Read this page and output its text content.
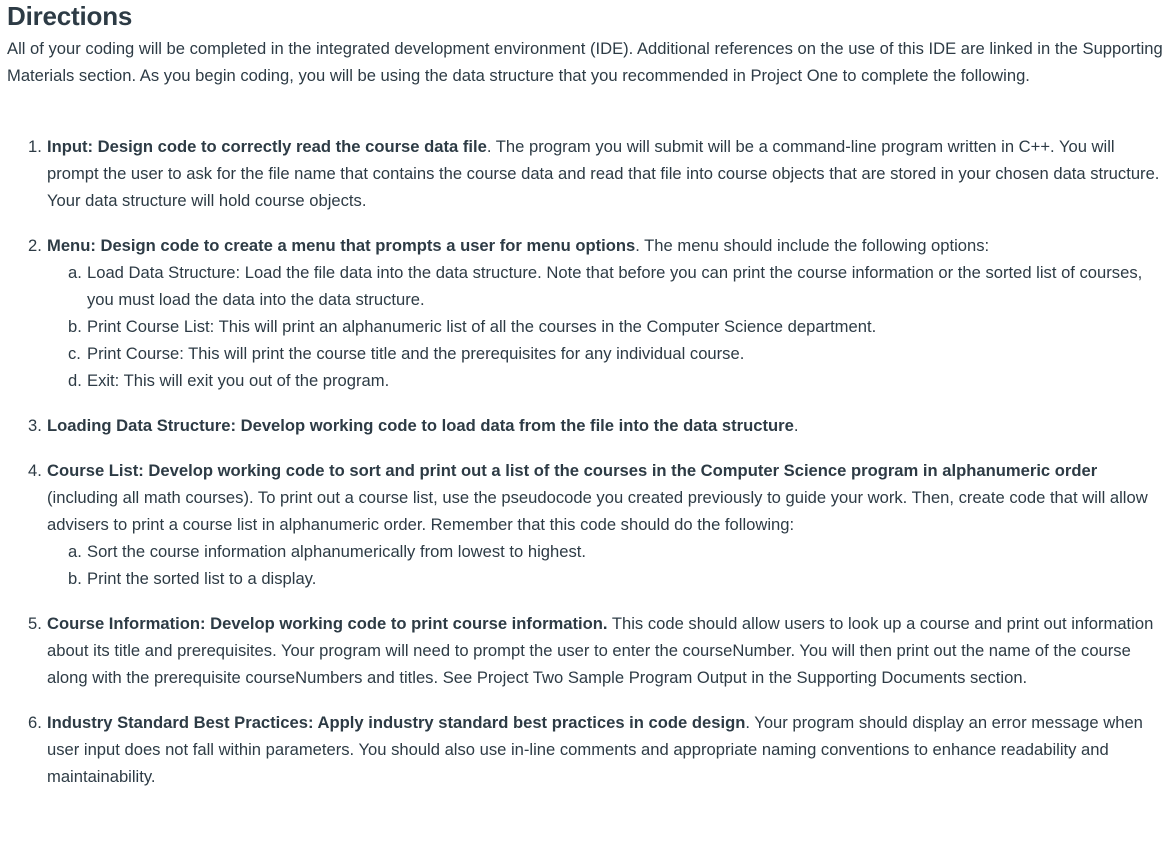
Directions

All of your coding will be completed in the integrated development environment (IDE). Additional references on the use of this IDE are linked in the Supporting Materials section. As you begin coding, you will be using the data structure that you recommended in Project One to complete the following.

1. Input: Design code to correctly read the course data file. The program you will submit will be a command-line program written in C++. You will prompt the user to ask for the file name that contains the course data and read that file into course objects that are stored in your chosen data structure. Your data structure will hold course objects.
2. Menu: Design code to create a menu that prompts a user for menu options. The menu should include the following options:
a. Load Data Structure: Load the file data into the data structure. Note that before you can print the course information or the sorted list of courses, you must load the data into the data structure.
b. Print Course List: This will print an alphanumeric list of all the courses in the Computer Science department.
c. Print Course: This will print the course title and the prerequisites for any individual course.
d. Exit: This will exit you out of the program.
3. Loading Data Structure: Develop working code to load data from the file into the data structure.
4. Course List: Develop working code to sort and print out a list of the courses in the Computer Science program in alphanumeric order (including all math courses). To print out a course list, use the pseudocode you created previously to guide your work. Then, create code that will allow advisers to print a course list in alphanumeric order. Remember that this code should do the following:
a. Sort the course information alphanumerically from lowest to highest.
b. Print the sorted list to a display.
5. Course Information: Develop working code to print course information. This code should allow users to look up a course and print out information about its title and prerequisites. Your program will need to prompt the user to enter the courseNumber. You will then print out the name of the course along with the prerequisite courseNumbers and titles. See Project Two Sample Program Output in the Supporting Documents section.
6. Industry Standard Best Practices: Apply industry standard best practices in code design. Your program should display an error message when user input does not fall within parameters. You should also use in-line comments and appropriate naming conventions to enhance readability and maintainability.
